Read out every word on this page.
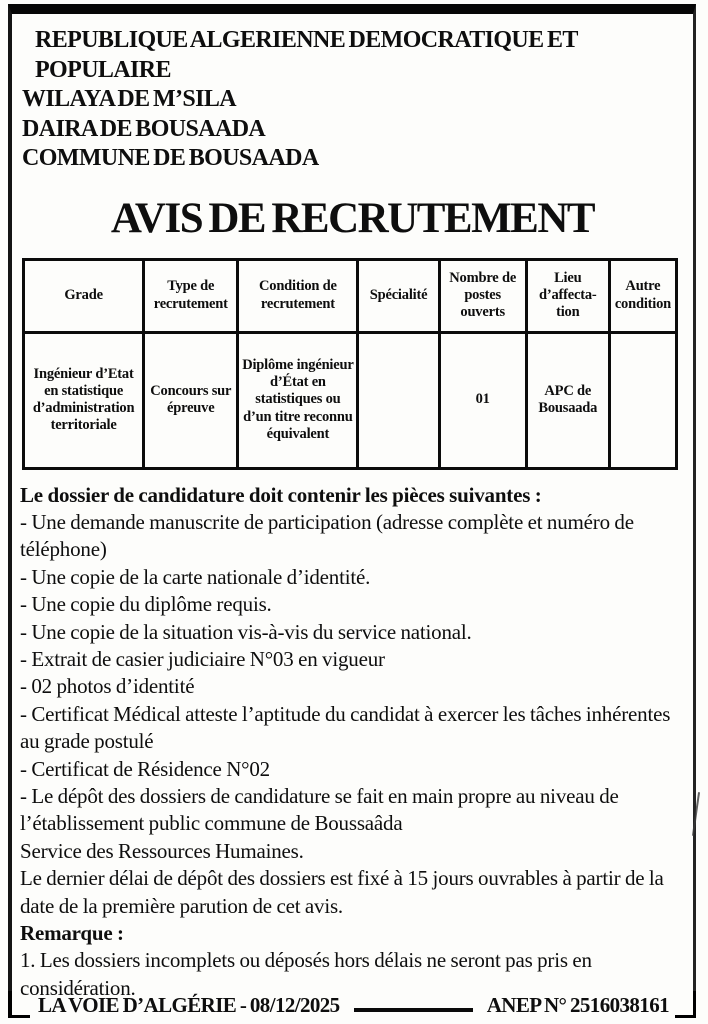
REPUBLIQUE ALGERIENNE DEMOCRATIQUE ET POPULAIRE
WILAYA DE M’SILA
DAIRA DE BOUSAADA
COMMUNE DE BOUSAADA
AVIS DE RECRUTEMENT
Grade	Type de recrutement	Condition de recrutement	Spécialité	Nombre de postes ouverts	Lieu d’affecta-tion	Autre condition
Ingénieur d’Etat en statistique d’administration territoriale	Concours sur épreuve	Diplôme ingénieur d’État en statistiques ou d’un titre reconnu équivalent		01	APC de Bousaada	

Le dossier de candidature doit contenir les pièces suivantes :

- Une demande manuscrite de participation (adresse complète et numéro de téléphone)

- Une copie de la carte nationale d’identité.

- Une copie du diplôme requis.

- Une copie de la situation vis-à-vis du service national.

- Extrait de casier judiciaire N°03 en vigueur

- 02 photos d’identité

- Certificat Médical atteste l’aptitude du candidat à exercer les tâches inhérentes au grade postulé

- Certificat de Résidence N°02

- Le dépôt des dossiers de candidature se fait en main propre au niveau de l’établissement public commune de Boussaâda

Service des Ressources Humaines.

Le dernier délai de dépôt des dossiers est fixé à 15 jours ouvrables à partir de la date de la première parution de cet avis.

Remarque :

1. Les dossiers incomplets ou déposés hors délais ne seront pas pris en considération.

LA VOIE D’ALGÉRIE - 08/12/2025	ANEP N° 2516038161
